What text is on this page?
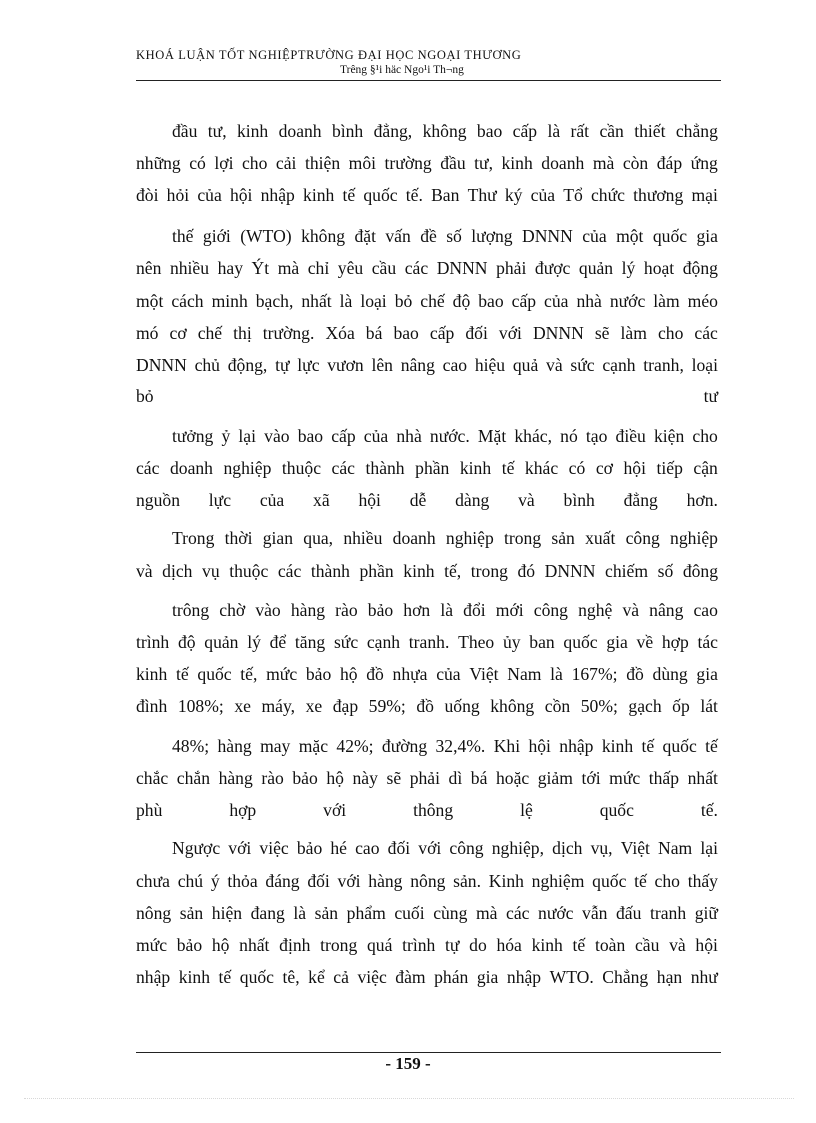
KHOÁ LUẬN TỐT NGHIỆPTRƯỜNG ĐẠI HỌC NGOẠI THƯƠNG
Trêng §¹i häc Ngo¹i Th¬ng
đầu tư, kinh doanh bình đẳng, không bao cấp là rất cần thiết chẳng
những có lợi cho cải thiện môi trường đầu tư, kinh doanh mà còn đáp ứng
đòi hỏi của hội nhập kinh tế quốc tế. Ban Thư ký của Tổ chức thương mại
thế giới (WTO) không đặt vấn đề số lượng DNNN của một quốc gia
nên nhiều hay Ýt mà chỉ yêu cầu các DNNN phải được quản lý hoạt động
một cách minh bạch, nhất là loại bỏ chế độ bao cấp của nhà nước làm méo
mó cơ chế thị trường. Xóa bá bao cấp đối với DNNN sẽ làm cho các
DNNN chủ động, tự lực vươn lên nâng cao hiệu quả và sức cạnh tranh, loại
bỏ	tư
tưởng ỷ lại vào bao cấp của nhà nước. Mặt khác, nó tạo điều kiện cho
các doanh nghiệp thuộc các thành phần kinh tế khác có cơ hội tiếp cận
nguồn lực của xã hội dễ dàng và bình đẳng hơn.
Trong thời gian qua, nhiều doanh nghiệp trong sản xuất công nghiệp
và dịch vụ thuộc các thành phần kinh tế, trong đó DNNN chiếm số đông
trông chờ vào hàng rào bảo hơn là đổi mới công nghệ và nâng cao
trình độ quản lý để tăng sức cạnh tranh. Theo ủy ban quốc gia về hợp tác
kinh tế quốc tế, mức bảo hộ đồ nhựa của Việt Nam là 167%; đồ dùng gia
đình 108%; xe máy, xe đạp 59%; đồ uống không cồn 50%; gạch ốp lát
48%; hàng may mặc 42%; đường 32,4%. Khi hội nhập kinh tế quốc tế
chắc chắn hàng rào bảo hộ này sẽ phải dì bá hoặc giảm tới mức thấp nhất
phù	hợp	với	thông	lệ	quốc	tế.
Ngược với việc bảo hé cao đối với công nghiệp, dịch vụ, Việt Nam lại
chưa chú ý thỏa đáng đối với hàng nông sản. Kinh nghiệm quốc tế cho thấy
nông sản hiện đang là sản phẩm cuối cùng mà các nước vẫn đấu tranh giữ
mức bảo hộ nhất định trong quá trình tự do hóa kinh tế toàn cầu và hội
nhập kinh tế quốc tê, kể cả việc đàm phán gia nhập WTO. Chẳng hạn như
- 159 -
